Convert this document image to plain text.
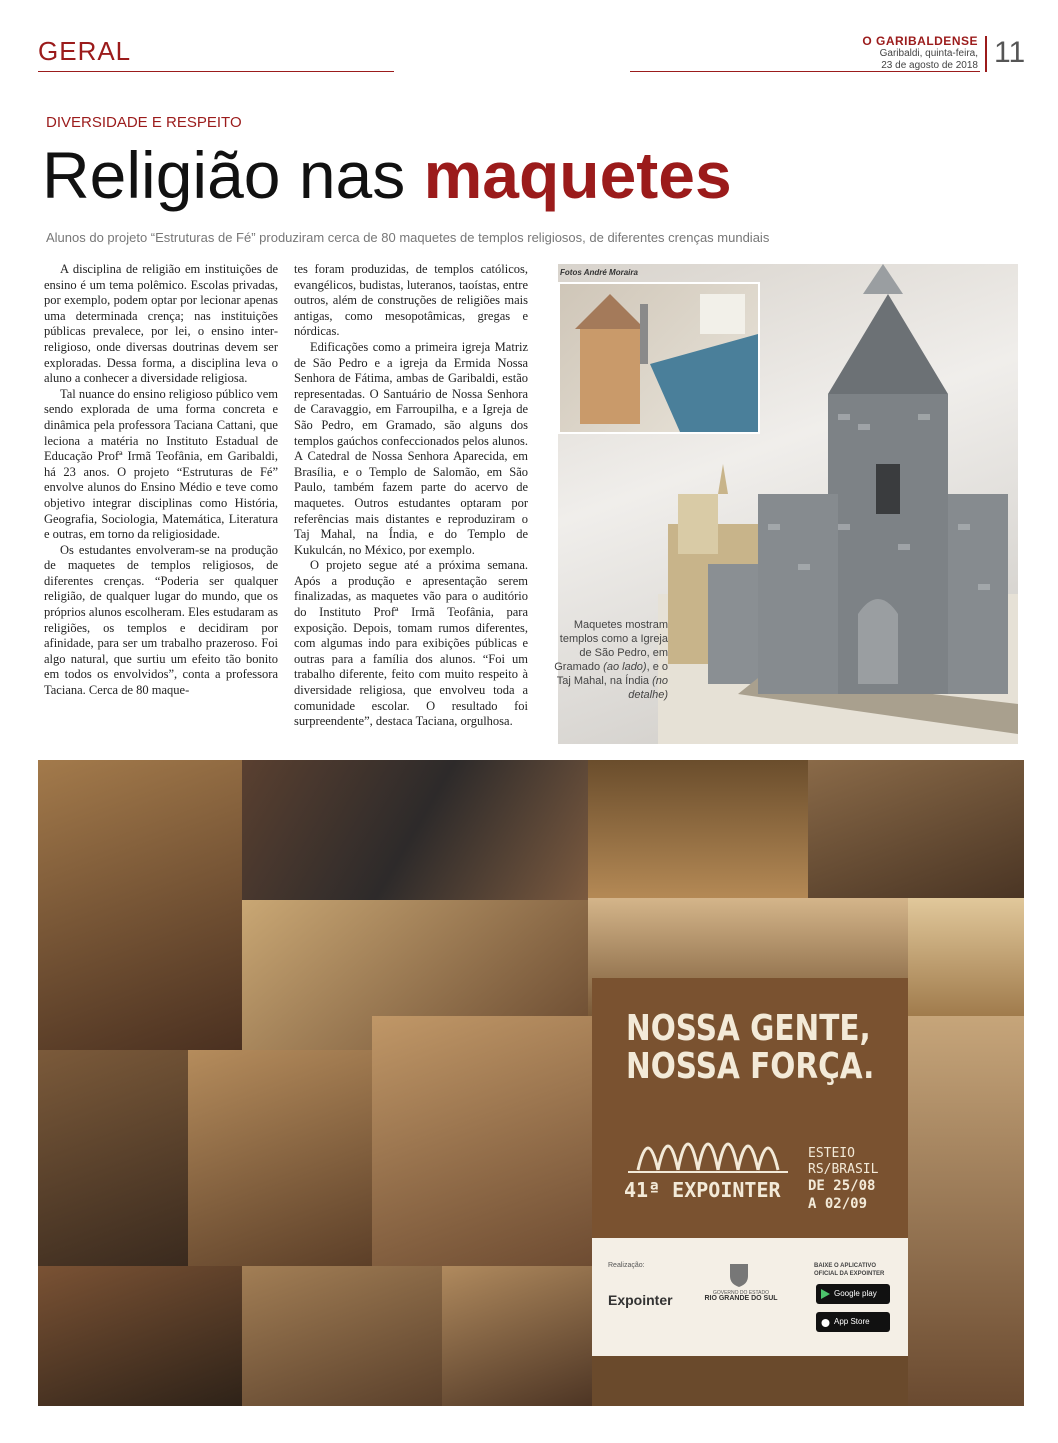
GERAL	O GARIBALDENSE
Garibaldi, quinta-feira,
23 de agosto de 2018 11
DIVERSIDADE E RESPEITO
Religião nas maquetes
Alunos do projeto “Estruturas de Fé” produziram cerca de 80 maquetes de templos religiosos, de diferentes crenças mundiais

A disciplina de religião em instituições de ensino é um tema polêmico. Escolas privadas, por exemplo, podem optar por lecionar apenas uma determinada crença; nas instituições públicas prevalece, por lei, o ensino inter-religioso, onde diversas doutrinas devem ser exploradas. Dessa forma, a disciplina leva o aluno a conhecer a diversidade religiosa.

Tal nuance do ensino religioso público vem sendo explorada de uma forma concreta e dinâmica pela professora Taciana Cattani, que leciona a matéria no Instituto Estadual de Educação Profª Irmã Teofânia, em Garibaldi, há 23 anos. O projeto “Estruturas de Fé” envolve alunos do Ensino Médio e teve como objetivo integrar disciplinas como História, Geografia, Sociologia, Matemática, Literatura e outras, em torno da religiosidade.

Os estudantes envolveram-se na produção de maquetes de templos religiosos, de diferentes crenças. “Poderia ser qualquer religião, de qualquer lugar do mundo, que os próprios alunos escolheram. Eles estudaram as religiões, os templos e decidiram por afinidade, para ser um trabalho prazeroso. Foi algo natural, que surtiu um efeito tão bonito em todos os envolvidos”, conta a professora Taciana. Cerca de 80 maque-

tes foram produzidas, de templos católicos, evangélicos, budistas, luteranos, taoístas, entre outros, além de construções de religiões mais antigas, como mesopotâmicas, gregas e nórdicas.

Edificações como a primeira igreja Matriz de São Pedro e a igreja da Ermida Nossa Senhora de Fátima, ambas de Garibaldi, estão representadas. O Santuário de Nossa Senhora de Caravaggio, em Farroupilha, e a Igreja de São Pedro, em Gramado, são alguns dos templos gaúchos confeccionados pelos alunos. A Catedral de Nossa Senhora Aparecida, em Brasília, e o Templo de Salomão, em São Paulo, também fazem parte do acervo de maquetes. Outros estudantes optaram por referências mais distantes e reproduziram o Taj Mahal, na Índia, e do Templo de Kukulcán, no México, por exemplo.

O projeto segue até a próxima semana. Após a produção e apresentação serem finalizadas, as maquetes vão para o auditório do Instituto Profª Irmã Teofânia, para exposição. Depois, tomam rumos diferentes, com algumas indo para exibições públicas e outras para a família dos alunos. “Foi um trabalho diferente, feito com muito respeito à diversidade religiosa, que envolveu toda a comunidade escolar. O resultado foi surpreendente”, destaca Taciana, orgulhosa.

Fotos André Moraira
Maquetes mostram templos como a Igreja de São Pedro, em Gramado (ao lado), e o Taj Mahal, na Índia (no detalhe)
NOSSA GENTE,
NOSSA FORÇA.
41ª EXPOINTER
ESTEIO
RS/BRASIL
DE 25/08
A 02/09
Realização:
Expointer	GOVERNO DO ESTADO
RIO GRANDE DO SUL
BAIXE O APLICATIVO
OFICIAL DA EXPOINTER
Google play
App Store
